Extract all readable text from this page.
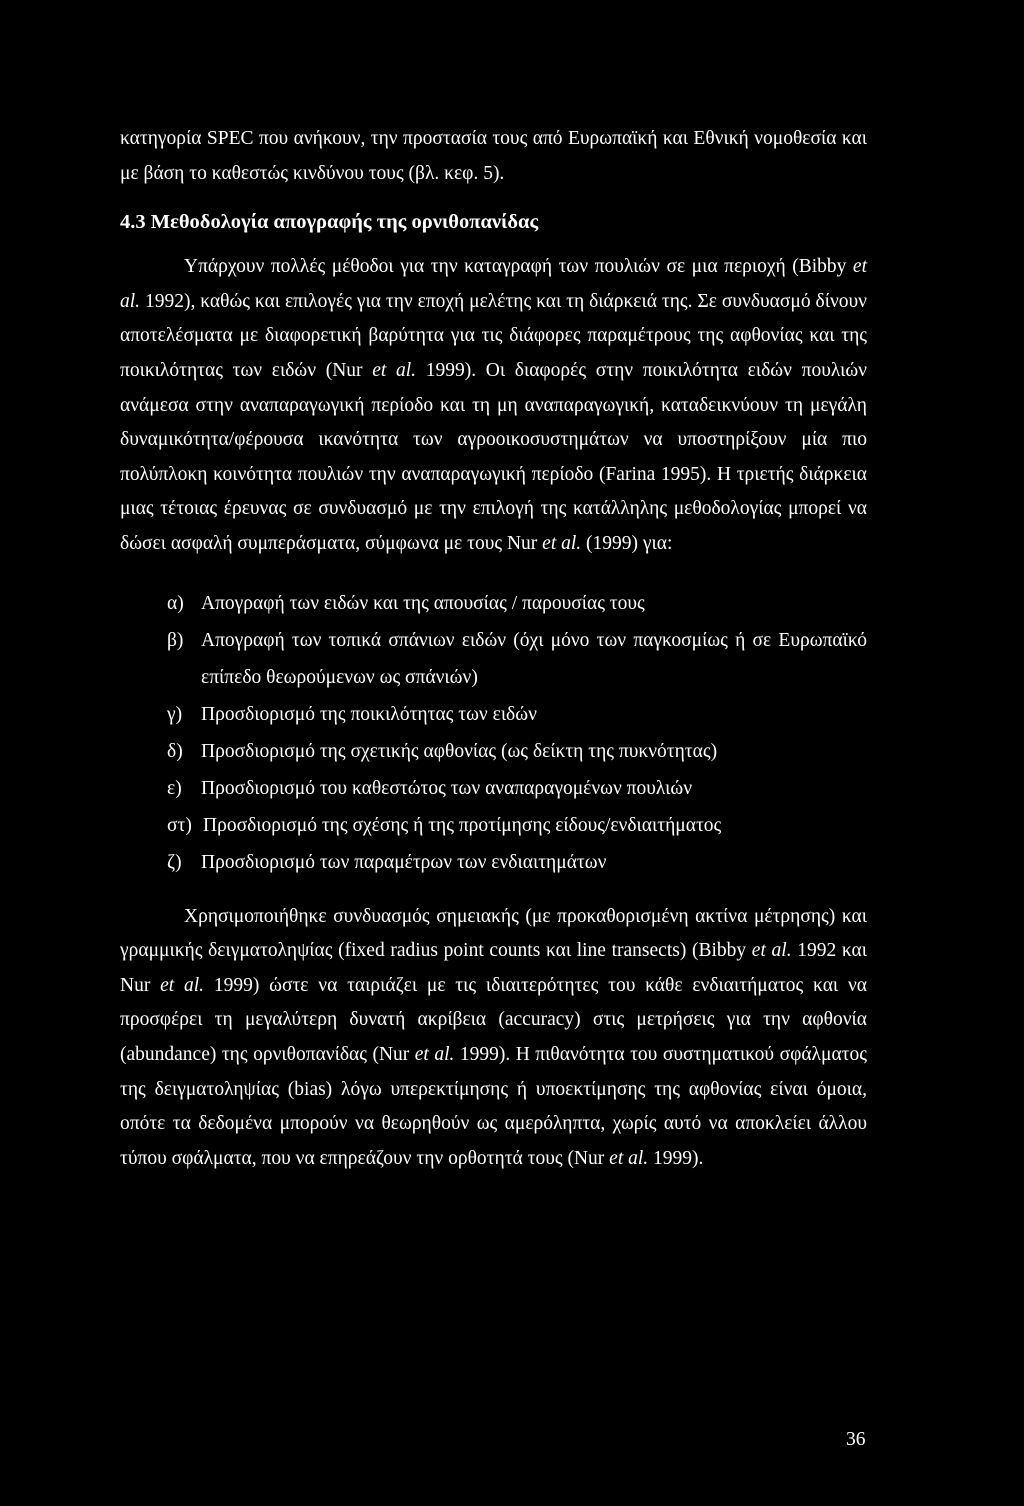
κατηγορία SPEC που ανήκουν, την προστασία τους από Ευρωπαϊκή και Εθνική νομοθεσία και με βάση το καθεστώς κινδύνου τους (βλ. κεφ. 5).

4.3 Μεθοδολογία απογραφής της ορνιθοπανίδας

Υπάρχουν πολλές μέθοδοι για την καταγραφή των πουλιών σε μια περιοχή (Bibby et al. 1992), καθώς και επιλογές για την εποχή μελέτης και τη διάρκειά της. Σε συνδυασμό δίνουν αποτελέσματα με διαφορετική βαρύτητα για τις διάφορες παραμέτρους της αφθονίας και της ποικιλότητας των ειδών (Nur et al. 1999). Οι διαφορές στην ποικιλότητα ειδών πουλιών ανάμεσα στην αναπαραγωγική περίοδο και τη μη αναπαραγωγική, καταδεικνύουν τη μεγάλη δυναμικότητα/φέρουσα ικανότητα των αγροοικοσυστημάτων να υποστηρίξουν μία πιο πολύπλοκη κοινότητα πουλιών την αναπαραγωγική περίοδο (Farina 1995). Η τριετής διάρκεια μιας τέτοιας έρευνας σε συνδυασμό με την επιλογή της κατάλληλης μεθοδολογίας μπορεί να δώσει ασφαλή συμπεράσματα, σύμφωνα με τους Nur et al. (1999) για:

α) Απογραφή των ειδών και της απουσίας / παρουσίας τους
β) Απογραφή των τοπικά σπάνιων ειδών (όχι μόνο των παγκοσμίως ή σε Ευρωπαϊκό επίπεδο θεωρούμενων ως σπάνιών)
γ) Προσδιορισμό της ποικιλότητας των ειδών
δ) Προσδιορισμό της σχετικής αφθονίας (ως δείκτη της πυκνότητας)
ε) Προσδιορισμό του καθεστώτος των αναπαραγομένων πουλιών
στ) Προσδιορισμό της σχέσης ή της προτίμησης είδους/ενδιαιτήματος
ζ) Προσδιορισμό των παραμέτρων των ενδιαιτημάτων

Χρησιμοποιήθηκε συνδυασμός σημειακής (με προκαθορισμένη ακτίνα μέτρησης) και γραμμικής δειγματοληψίας (fixed radius point counts και line transects) (Bibby et al. 1992 και Nur et al. 1999) ώστε να ταιριάζει με τις ιδιαιτερότητες του κάθε ενδιαιτήματος και να προσφέρει τη μεγαλύτερη δυνατή ακρίβεια (accuracy) στις μετρήσεις για την αφθονία (abundance) της ορνιθοπανίδας (Nur et al. 1999). Η πιθανότητα του συστηματικού σφάλματος της δειγματοληψίας (bias) λόγω υπερεκτίμησης ή υποεκτίμησης της αφθονίας είναι όμοια, οπότε τα δεδομένα μπορούν να θεωρηθούν ως αμερόληπτα, χωρίς αυτό να αποκλείει άλλου τύπου σφάλματα, που να επηρεάζουν την ορθοτητά τους (Nur et al. 1999).

36
